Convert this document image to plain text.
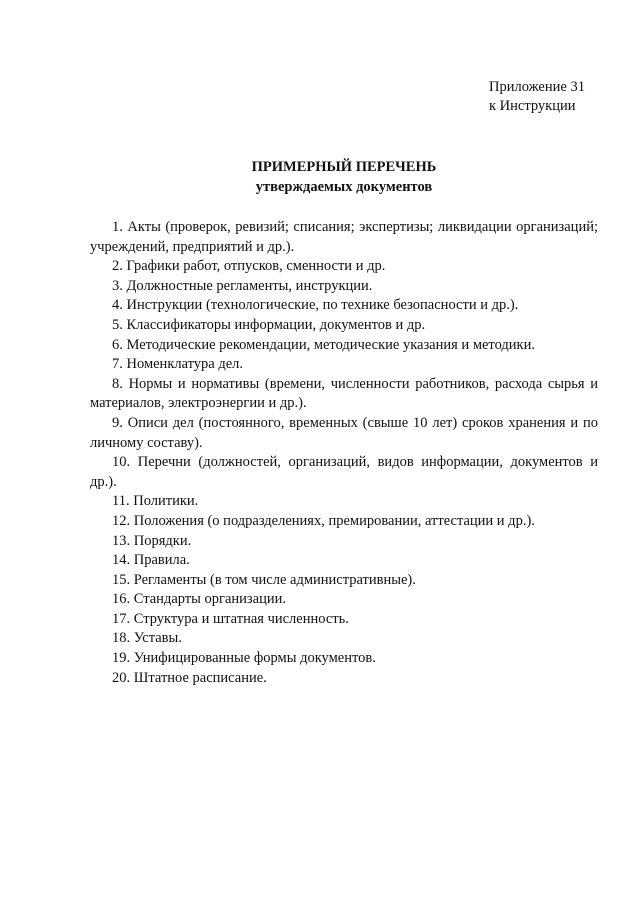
Приложение 31
к Инструкции
ПРИМЕРНЫЙ ПЕРЕЧЕНЬ
утверждаемых документов

1. Акты (проверок, ревизий; списания; экспертизы; ликвидации организаций; учреждений, предприятий и др.).

2. Графики работ, отпусков, сменности и др.

3. Должностные регламенты, инструкции.

4. Инструкции (технологические, по технике безопасности и др.).

5. Классификаторы информации, документов и др.

6. Методические рекомендации, методические указания и методики.

7. Номенклатура дел.

8. Нормы и нормативы (времени, численности работников, расхода сырья и материалов, электроэнергии и др.).

9. Описи дел (постоянного, временных (свыше 10 лет) сроков хранения и по личному составу).

10. Перечни (должностей, организаций, видов информации, документов и др.).

11. Политики.

12. Положения (о подразделениях, премировании, аттестации и др.).

13. Порядки.

14. Правила.

15. Регламенты (в том числе административные).

16. Стандарты организации.

17. Структура и штатная численность.

18. Уставы.

19. Унифицированные формы документов.

20. Штатное расписание.
